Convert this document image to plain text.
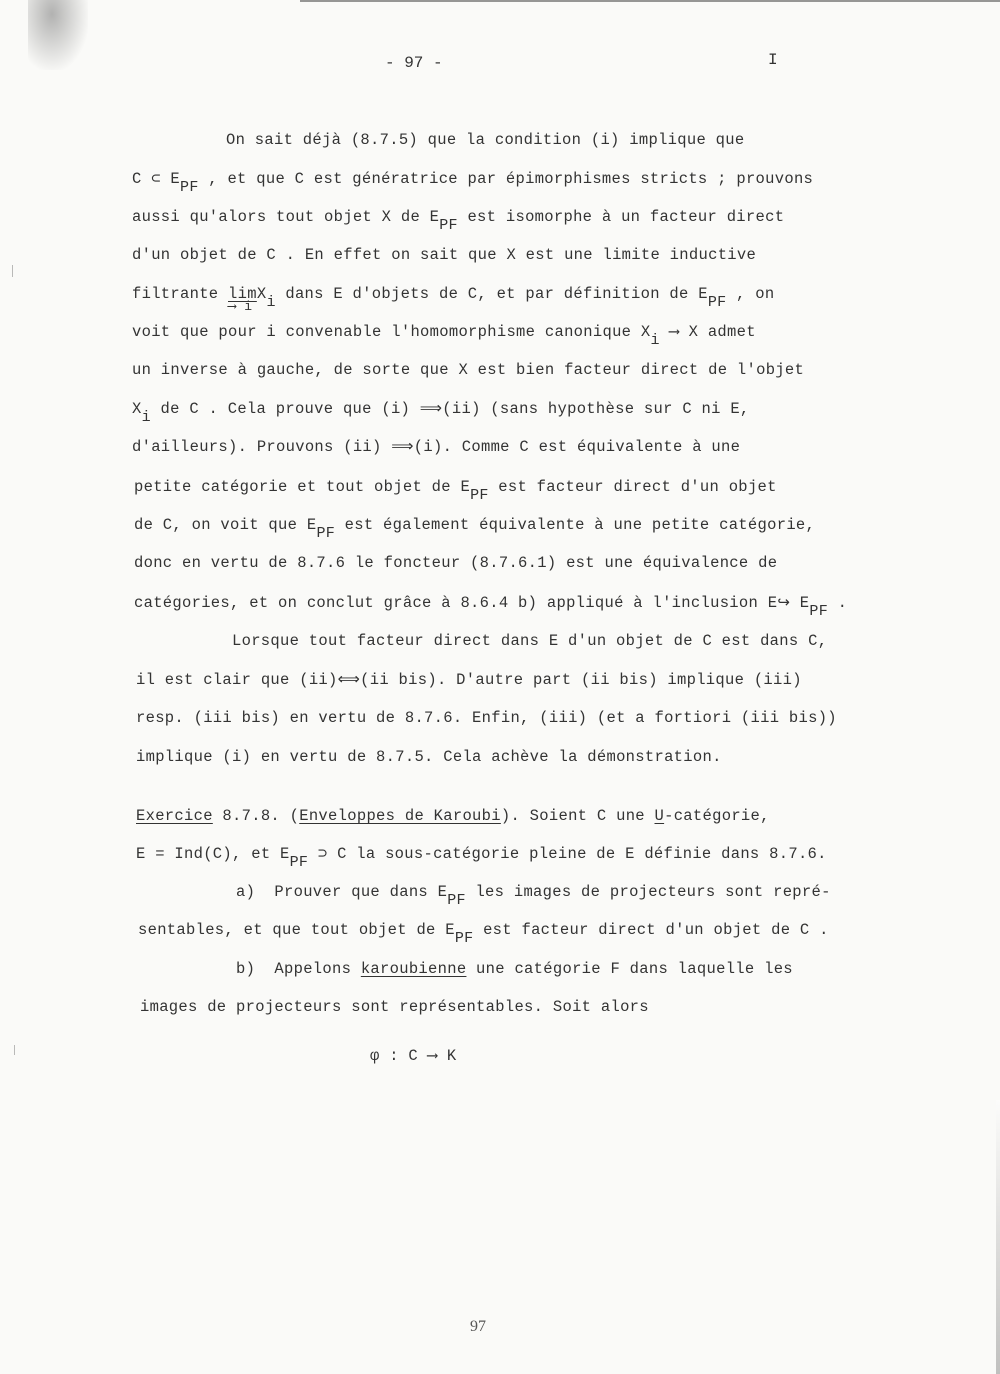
- 97 -	I
On sait déjà (8.7.5) que la condition (i) implique que
C ⊂ $E_{PF}$ , et que C est génératrice par épimorphismes stricts ; prouvons
aussi qu'alors tout objet X de $E_{PF}$ est isomorphe à un facteur direct
d'un objet de C . En effet on sait que X est une limite inductive
filtrante lim
⟶ i
$X_i$ dans E d'objets de C, et par définition de $E_{PF}$ , on
voit que pour i convenable l'homomorphisme canonique $X_i$ ⟶ X admet
un inverse à gauche, de sorte que X est bien facteur direct de l'objet
$X_i$ de C . Cela prouve que (i) ⟹(ii) (sans hypothèse sur C ni E,
d'ailleurs). Prouvons (ii) ⟹(i). Comme C est équivalente à une
petite catégorie et tout objet de $E_{PF}$ est facteur direct d'un objet
de C, on voit que $E_{PF}$ est également équivalente à une petite catégorie,
donc en vertu de 8.7.6 le foncteur (8.7.6.1) est une équivalence de
catégories, et on conclut grâce à 8.6.4 b) appliqué à l'inclusion E↪ $E_{PF}$ .
Lorsque tout facteur direct dans E d'un objet de C est dans C,
il est clair que (ii)⟺(ii bis). D'autre part (ii bis) implique (iii)
resp. (iii bis) en vertu de 8.7.6. Enfin, (iii) (et a fortiori (iii bis))
implique (i) en vertu de 8.7.5. Cela achève la démonstration.
Exercice 8.7.8. (Enveloppes de Karoubi). Soient C une U-catégorie,
E = Ind(C), et $E_{PF}$ ⊃ C la sous-catégorie pleine de E définie dans 8.7.6.
a)  Prouver que dans $E_{PF}$ les images de projecteurs sont repré-
sentables, et que tout objet de $E_{PF}$ est facteur direct d'un objet de C .
b)  Appelons karoubienne une catégorie F dans laquelle les
images de projecteurs sont représentables. Soit alors
φ : C ⟶ K
97
